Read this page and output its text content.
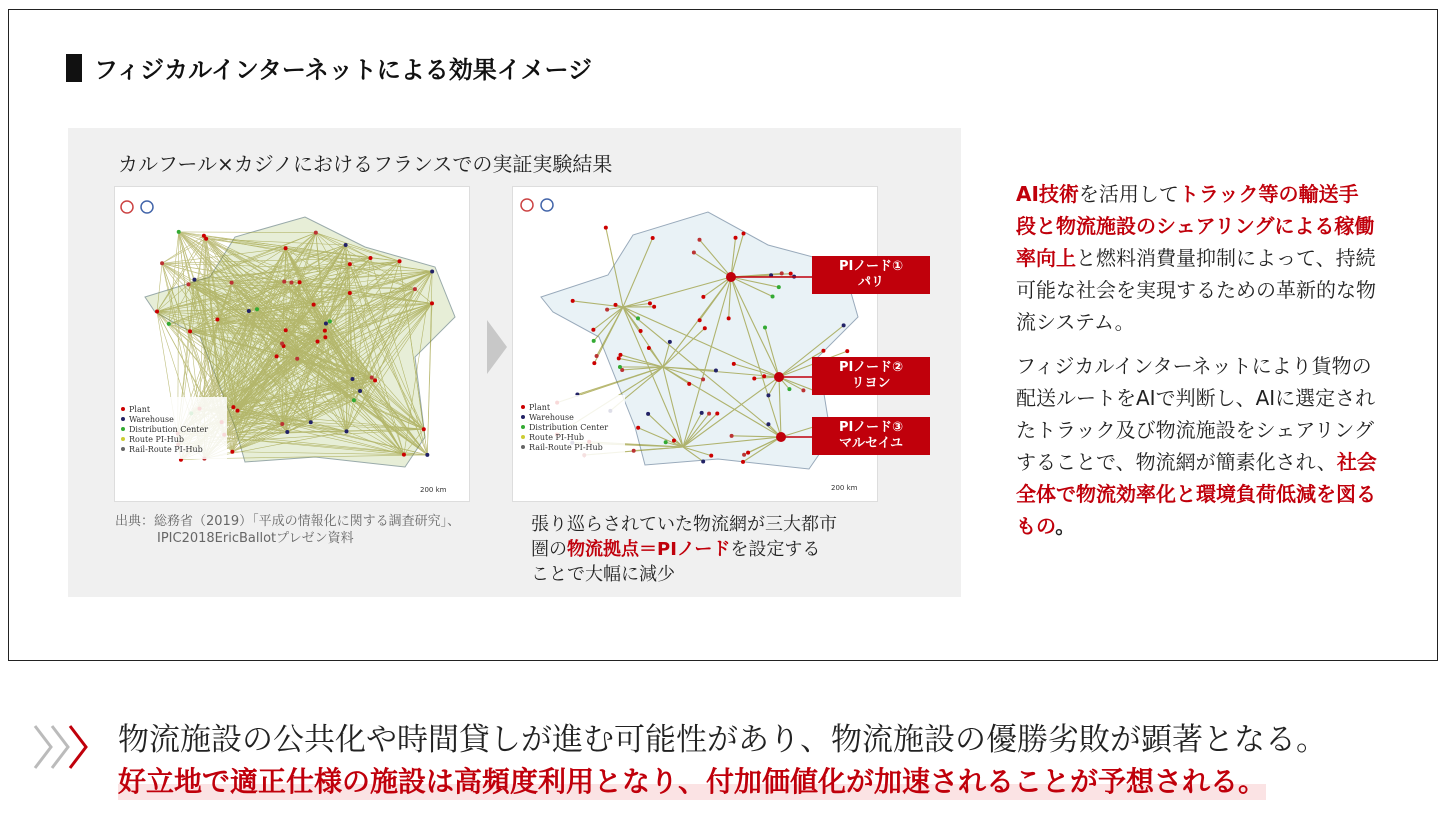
フィジカルインターネットによる効果イメージ
カルフール×カジノにおけるフランスでの実証実験結果
Plant
Warehouse
Distribution Center
Route PI-Hub
Rail-Route PI-Hub
200 km
Plant
Warehouse
Distribution Center
Route PI-Hub
Rail-Route PI-Hub
200 km
PIノード①
パリ
PIノード②
リヨン
PIノード③
マルセイユ
出典：総務省（2019）「平成の情報化に関する調査研究」、
IPIC2018EricBallotプレゼン資料
張り巡らされていた物流網が三大都市
圏の物流拠点＝PIノードを設定する
ことで大幅に減少
AI技術を活用してトラック等の輸送手段と物流施設のシェアリングによる稼働率向上と燃料消費量抑制によって、持続可能な社会を実現するための革新的な物流システム。
フィジカルインターネットにより貨物の配送ルートをAIで判断し、AIに選定されたトラック及び物流施設をシェアリングすることで、物流網が簡素化され、社会全体で物流効率化と環境負荷低減を図るもの。
物流施設の公共化や時間貸しが進む可能性があり、物流施設の優勝劣敗が顕著となる。
好立地で適正仕様の施設は高頻度利用となり、付加価値化が加速されることが予想される。
